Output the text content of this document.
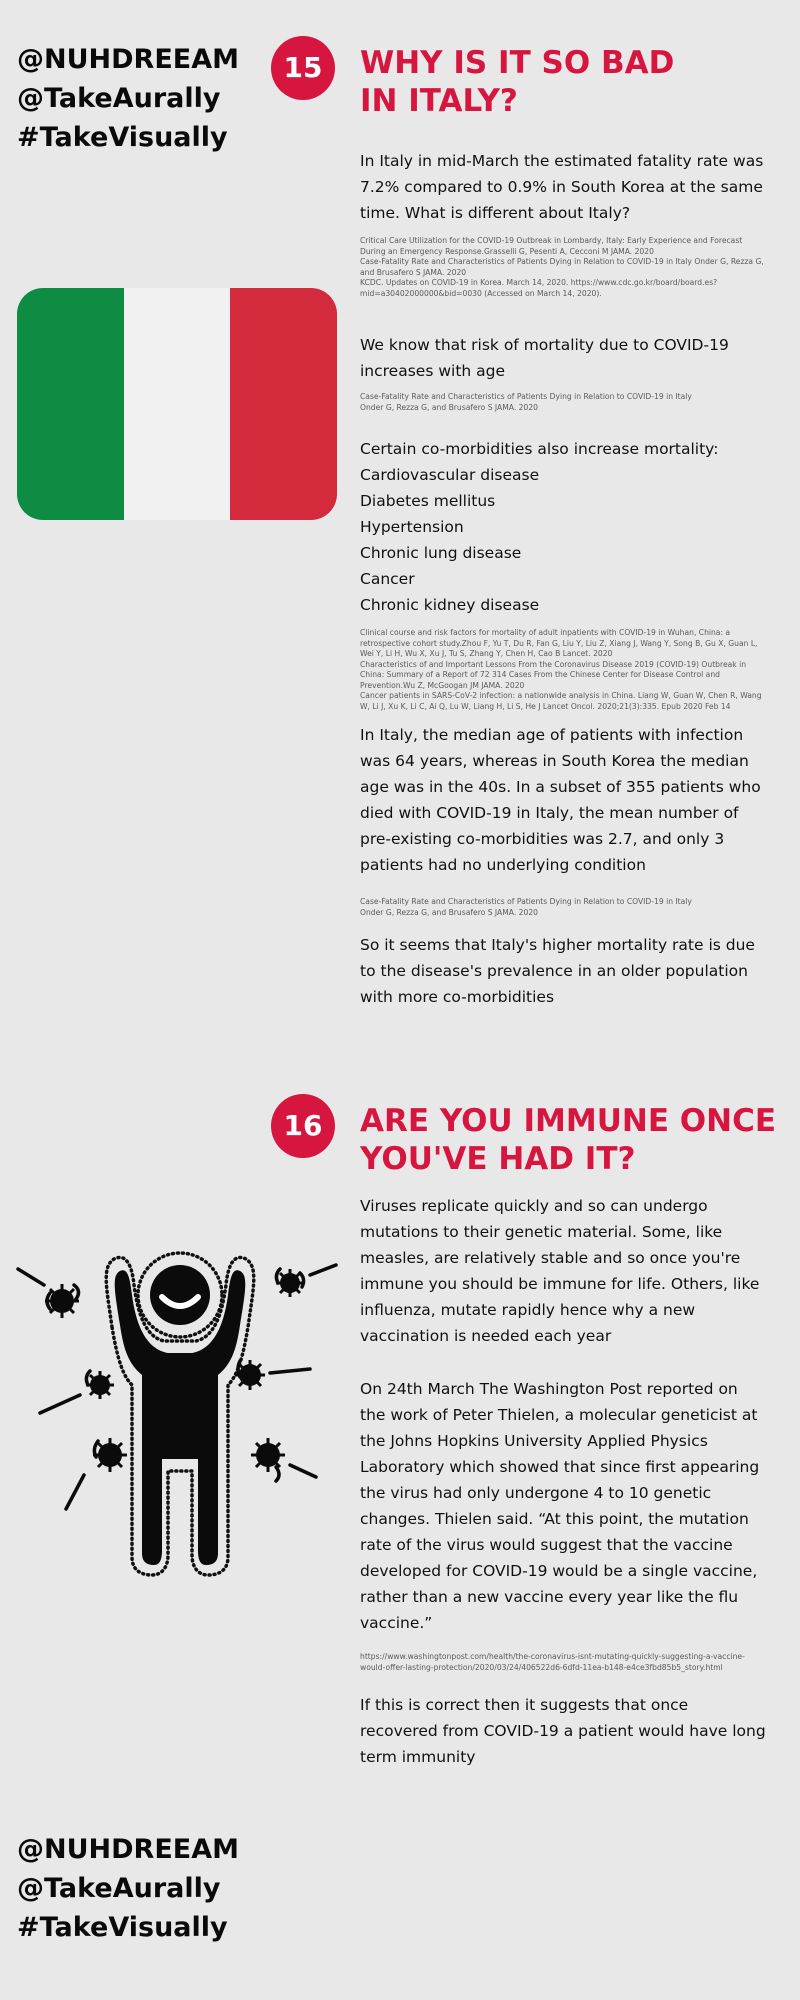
@NUHDREEAM
@TakeAurally
#TakeVisually
15	WHY IS IT SO BAD
IN ITALY?
In Italy in mid-March the estimated fatality rate was 7.2% compared to 0.9% in South Korea at the same time. What is different about Italy?
Critical Care Utilization for the COVID-19 Outbreak in Lombardy, Italy: Early Experience and Forecast During an Emergency Response.Grasselli G, Pesenti A, Cecconi M JAMA. 2020
Case-Fatality Rate and Characteristics of Patients Dying in Relation to COVID-19 in Italy Onder G, Rezza G, and Brusafero S JAMA. 2020
KCDC. Updates on COVID-19 in Korea. March 14, 2020. https://www.cdc.go.kr/board/board.es?mid=a30402000000&bid=0030 (Accessed on March 14, 2020).
We know that risk of mortality due to COVID-19 increases with age
Case-Fatality Rate and Characteristics of Patients Dying in Relation to COVID-19 in Italy
Onder G, Rezza G, and Brusafero S JAMA. 2020
Certain co-morbidities also increase mortality:
Cardiovascular disease
Diabetes mellitus
Hypertension
Chronic lung disease
Cancer
Chronic kidney disease
Clinical course and risk factors for mortality of adult inpatients with COVID-19 in Wuhan, China: a retrospective cohort study.Zhou F, Yu T, Du R, Fan G, Liu Y, Liu Z, Xiang J, Wang Y, Song B, Gu X, Guan L, Wei Y, Li H, Wu X, Xu J, Tu S, Zhang Y, Chen H, Cao B Lancet. 2020
Characteristics of and Important Lessons From the Coronavirus Disease 2019 (COVID-19) Outbreak in China: Summary of a Report of 72 314 Cases From the Chinese Center for Disease Control and Prevention.Wu Z, McGoogan JM JAMA. 2020
Cancer patients in SARS-CoV-2 infection: a nationwide analysis in China. Liang W, Guan W, Chen R, Wang W, Li J, Xu K, Li C, Ai Q, Lu W, Liang H, Li S, He J Lancet Oncol. 2020;21(3):335. Epub 2020 Feb 14
In Italy, the median age of patients with infection was 64 years, whereas in South Korea the median age was in the 40s. In a subset of 355 patients who died with COVID-19 in Italy, the mean number of pre-existing co-morbidities was 2.7, and only 3 patients had no underlying condition
Case-Fatality Rate and Characteristics of Patients Dying in Relation to COVID-19 in Italy
Onder G, Rezza G, and Brusafero S JAMA. 2020
So it seems that Italy's higher mortality rate is due to the disease's prevalence in an older population with more co-morbidities
16	ARE YOU IMMUNE ONCE
YOU'VE HAD IT?
Viruses replicate quickly and so can undergo mutations to their genetic material. Some, like measles, are relatively stable and so once you're immune you should be immune for life. Others, like influenza, mutate rapidly hence why a new vaccination is needed each year
On 24th March The Washington Post reported on the work of Peter Thielen, a molecular geneticist at the Johns Hopkins University Applied Physics Laboratory which showed that since first appearing the virus had only undergone 4 to 10 genetic changes. Thielen said. “At this point, the mutation rate of the virus would suggest that the vaccine developed for COVID-19 would be a single vaccine, rather than a new vaccine every year like the flu vaccine.”
https://www.washingtonpost.com/health/the-coronavirus-isnt-mutating-quickly-suggesting-a-vaccine-would-offer-lasting-protection/2020/03/24/406522d6-6dfd-11ea-b148-e4ce3fbd85b5_story.html
If this is correct then it suggests that once recovered from COVID-19 a patient would have long term immunity
@NUHDREEAM
@TakeAurally
#TakeVisually
